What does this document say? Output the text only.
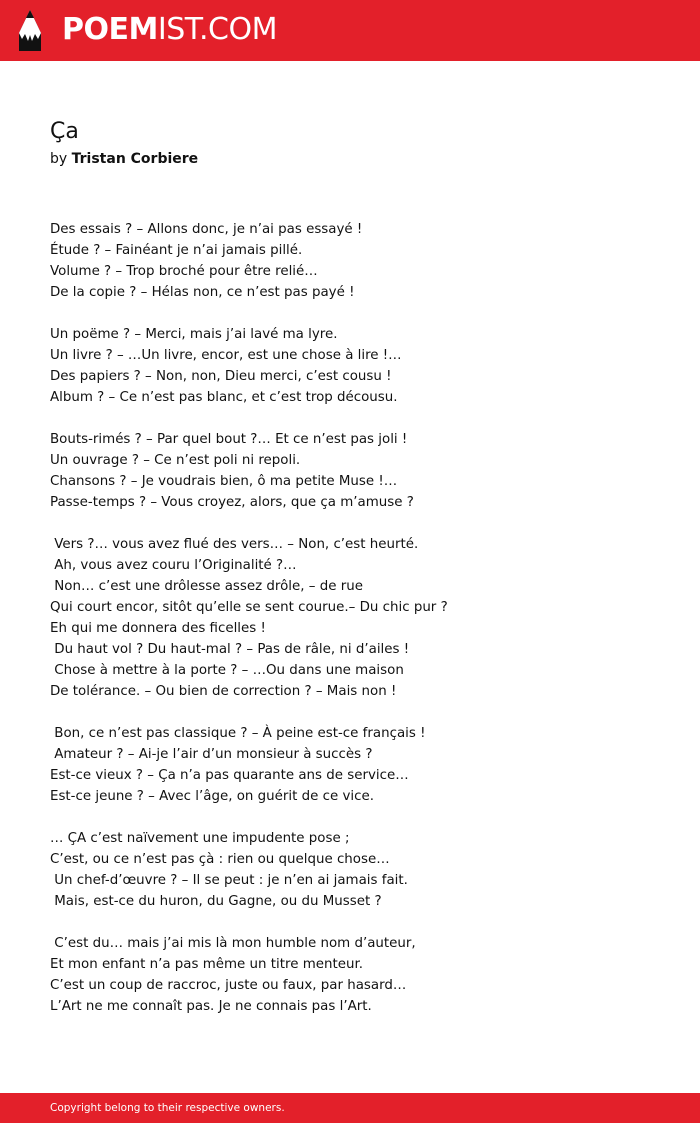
POEMIST.COM
Ça
by Tristan Corbiere
Des essais ? – Allons donc, je n’ai pas essayé !
Étude ? – Fainéant je n’ai jamais pillé.
Volume ? – Trop broché pour être relié…
De la copie ? – Hélas non, ce n’est pas payé !
Un poëme ? – Merci, mais j’ai lavé ma lyre.
Un livre ? – …Un livre, encor, est une chose à lire !…
Des papiers ? – Non, non, Dieu merci, c’est cousu !
Album ? – Ce n’est pas blanc, et c’est trop décousu.
Bouts-rimés ? – Par quel bout ?… Et ce n’est pas joli !
Un ouvrage ? – Ce n’est poli ni repoli.
Chansons ? – Je voudrais bien, ô ma petite Muse !…
Passe-temps ? – Vous croyez, alors, que ça m’amuse ?
Vers ?… vous avez flué des vers… – Non, c’est heurté.
Ah, vous avez couru l’Originalité ?…
Non… c’est une drôlesse assez drôle, – de rue
Qui court encor, sitôt qu’elle se sent courue.– Du chic pur ?
Eh qui me donnera des ficelles !
Du haut vol ? Du haut-mal ? – Pas de râle, ni d’ailes !
Chose à mettre à la porte ? – …Ou dans une maison
De tolérance. – Ou bien de correction ? – Mais non !
Bon, ce n’est pas classique ? – À peine est-ce français !
Amateur ? – Ai-je l’air d’un monsieur à succès ?
Est-ce vieux ? – Ça n’a pas quarante ans de service…
Est-ce jeune ? – Avec l’âge, on guérit de ce vice.
… ÇA c’est naïvement une impudente pose ;
C’est, ou ce n’est pas çà : rien ou quelque chose…
Un chef-d’œuvre ? – Il se peut : je n’en ai jamais fait.
Mais, est-ce du huron, du Gagne, ou du Musset ?
C’est du… mais j’ai mis là mon humble nom d’auteur,
Et mon enfant n’a pas même un titre menteur.
C’est un coup de raccroc, juste ou faux, par hasard…
L’Art ne me connaît pas. Je ne connais pas l’Art.
Copyright belong to their respective owners.
